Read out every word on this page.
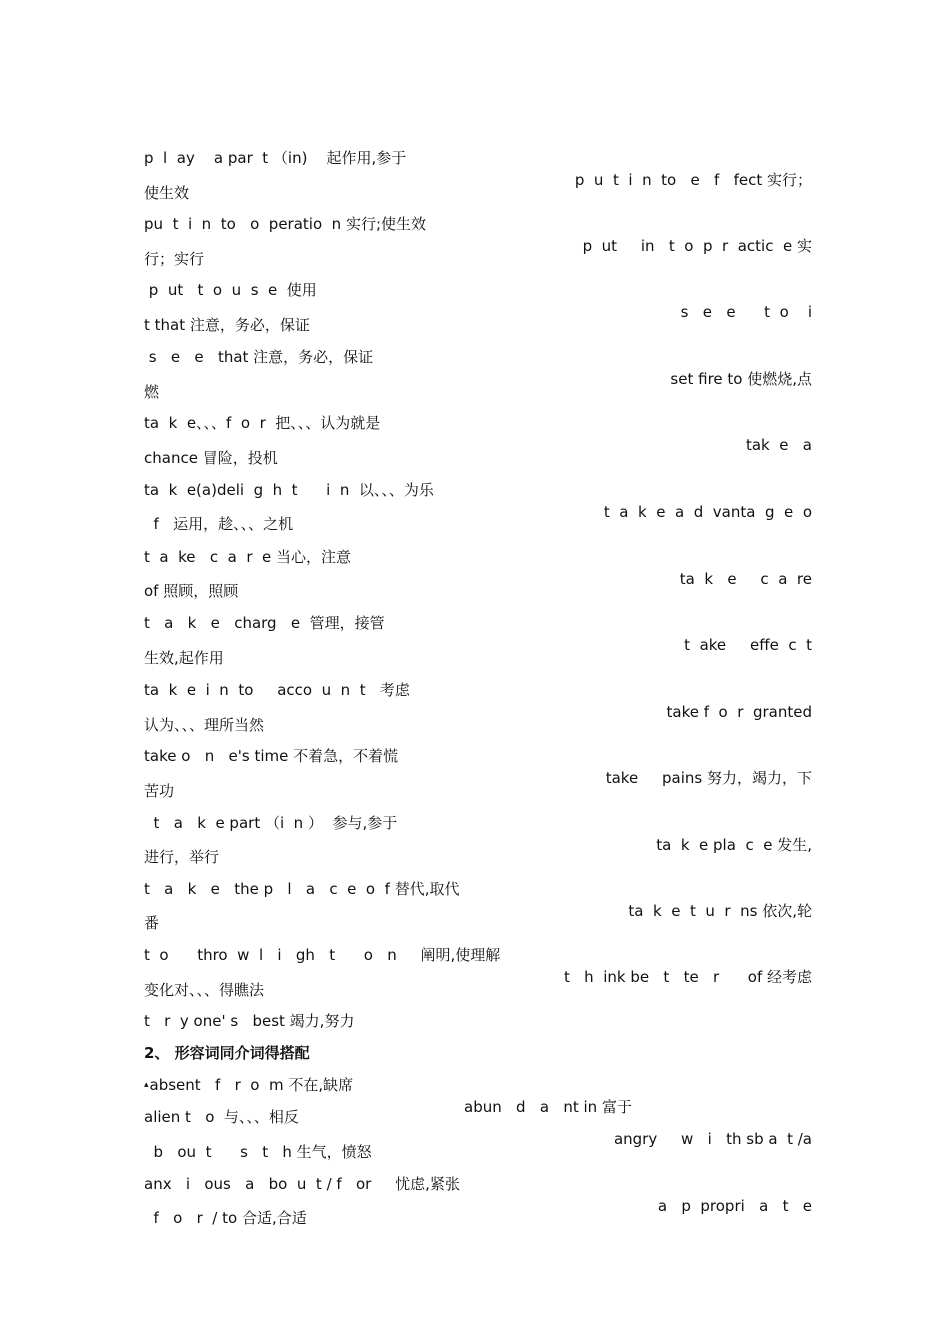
p  l  ay    a par  t （in)    起作用,参于

p  u  t  i  n  to   e   f   fect 实行；

使生效

pu  t  i  n  to   o  peratio  n 实行;使生效

p  ut     in   t  o  p  r  actic  e 实

行；实行

p  ut   t  o  u  s  e  使用

s   e   e      t  o    i

t that 注意，务必，保证

s   e   e   that 注意，务必，保证

set fire to 使燃烧,点

燃

ta  k  e、、、f  o  r  把、、、认为就是

tak  e   a

chance 冒险，投机

ta  k  e(a)deli  g  h  t      i  n  以、、、为乐

t  a  k  e  a  d  vanta  g  e  o

f   运用，趁、、、之机

t  a  ke   c  a  r  e 当心，注意

ta  k   e     c  a  re

of 照顾，照顾

t   a   k   e   charg   e  管理，接管

t  ake     effe  c  t

生效,起作用

ta  k  e  i  n  to     acco  u  n  t   考虑

take f  o  r  granted

认为、、、理所当然

take o   n   e's time 不着急，不着慌

take     pains 努力，竭力，下

苦功

t   a   k  e part （i  n ）  参与,参于

ta  k  e pla  c  e 发生,

进行，举行

t   a   k   e   the p   l   a   c  e  o  f 替代,取代

ta  k  e  t  u  r  ns 依次,轮

番

t  o      thro  w  l   i   gh   t      o   n     阐明,使理解

t   h  ink be   t   te   r      of 经考虑

变化对、、、得瞧法

t   r  y one' s   best 竭力,努力

2、 形容词同介词得搭配

▴absent   f   r  o  m 不在,缺席

abun   d   a   nt in 富于

alien t   o  与、、、相反

angry     w   i   th sb a  t /a

b   ou  t      s   t   h 生气，愤怒

anx   i   ous   a   bo  u  t / f   or     忧虑,紧张

a   p  propri   a   t   e

f   o   r  / to 合适,合适
